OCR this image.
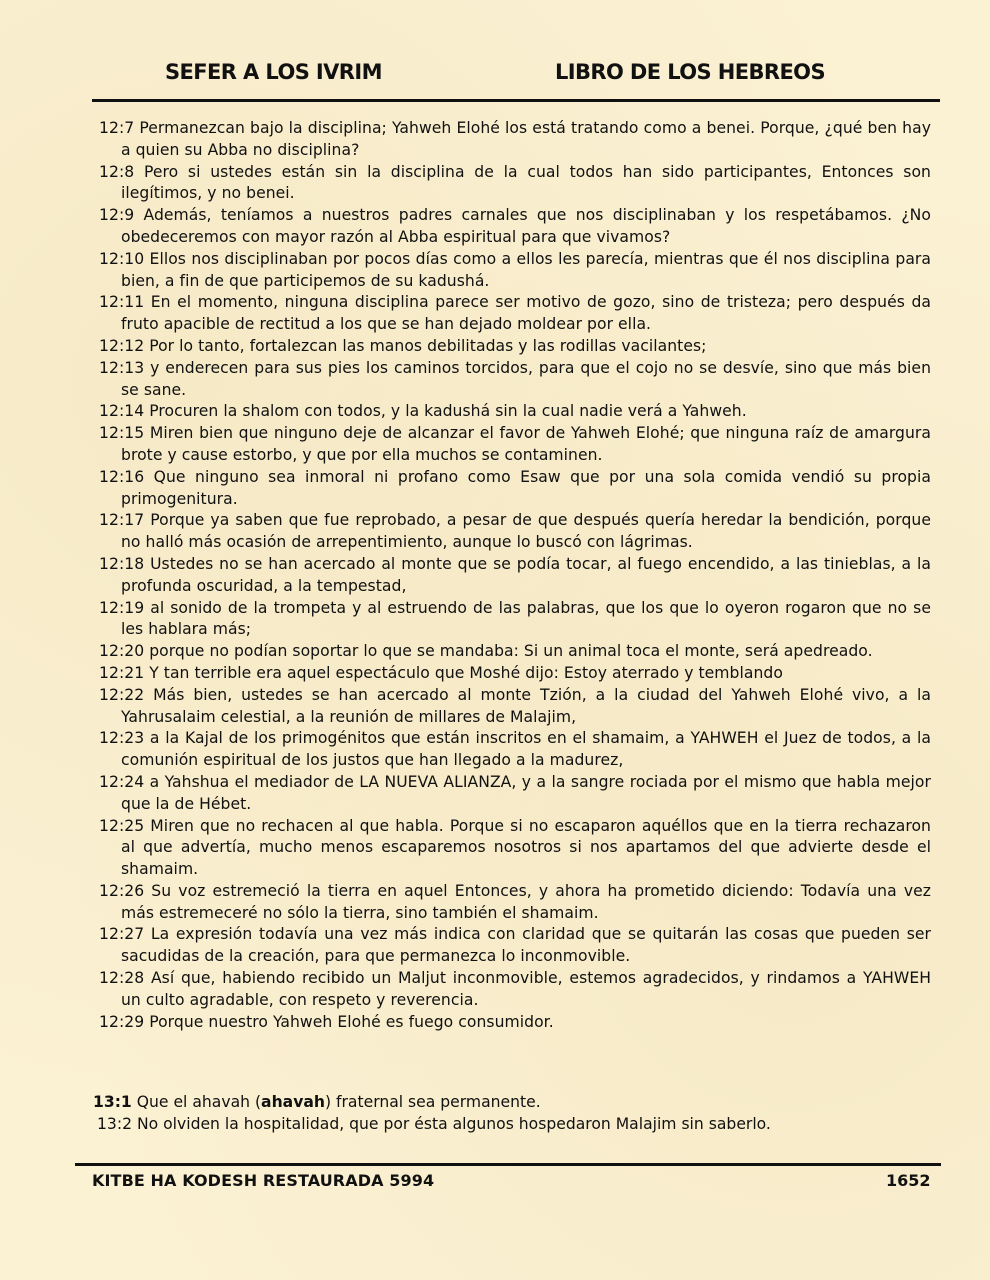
SEFER A LOS IVRIM	LIBRO DE LOS HEBREOS
12:7 Permanezcan bajo la disciplina; Yahweh Elohé los está tratando como a benei. Porque, ¿qué ben hay a quien su Abba no disciplina?
12:8 Pero si ustedes están sin la disciplina de la cual todos han sido participantes, Entonces son ilegítimos, y no benei.
12:9 Además, teníamos a nuestros padres carnales que nos disciplinaban y los respetábamos. ¿No obedeceremos con mayor razón al Abba espiritual para que vivamos?
12:10 Ellos nos disciplinaban por pocos días como a ellos les parecía, mientras que él nos disciplina para bien, a fin de que participemos de su kadushá.
12:11 En el momento, ninguna disciplina parece ser motivo de gozo, sino de tristeza; pero después da fruto apacible de rectitud a los que se han dejado moldear por ella.
12:12 Por lo tanto, fortalezcan las manos debilitadas y las rodillas vacilantes;
12:13 y enderecen para sus pies los caminos torcidos, para que el cojo no se desvíe, sino que más bien se sane.
12:14 Procuren la shalom con todos, y la kadushá sin la cual nadie verá a Yahweh.
12:15 Miren bien que ninguno deje de alcanzar el favor de Yahweh Elohé; que ninguna raíz de amargura brote y cause estorbo, y que por ella muchos se contaminen.
12:16 Que ninguno sea inmoral ni profano como Esaw que por una sola comida vendió su propia primogenitura.
12:17 Porque ya saben que fue reprobado, a pesar de que después quería heredar la bendición, porque no halló más ocasión de arrepentimiento, aunque lo buscó con lágrimas.
12:18 Ustedes no se han acercado al monte que se podía tocar, al fuego encendido, a las tinieblas, a la profunda oscuridad, a la tempestad,
12:19 al sonido de la trompeta y al estruendo de las palabras, que los que lo oyeron rogaron que no se les hablara más;
12:20 porque no podían soportar lo que se mandaba: Si un animal toca el monte, será apedreado.
12:21 Y tan terrible era aquel espectáculo que Moshé dijo: Estoy aterrado y temblando
12:22 Más bien, ustedes se han acercado al monte Tzión, a la ciudad del Yahweh Elohé vivo, a la Yahrusalaim celestial, a la reunión de millares de Malajim,
12:23 a la Kajal de los primogénitos que están inscritos en el shamaim, a YAHWEH el Juez de todos, a la comunión espiritual de los justos que han llegado a la madurez,
12:24 a Yahshua el mediador de LA NUEVA ALIANZA, y a la sangre rociada por el mismo que habla mejor que la de Hébet.
12:25 Miren que no rechacen al que habla. Porque si no escaparon aquéllos que en la tierra rechazaron al que advertía, mucho menos escaparemos nosotros si nos apartamos del que advierte desde el shamaim.
12:26 Su voz estremeció la tierra en aquel Entonces, y ahora ha prometido diciendo: Todavía una vez más estremeceré no sólo la tierra, sino también el shamaim.
12:27 La expresión todavía una vez más indica con claridad que se quitarán las cosas que pueden ser sacudidas de la creación, para que permanezca lo inconmovible.
12:28 Así que, habiendo recibido un Maljut inconmovible, estemos agradecidos, y rindamos a YAHWEH un culto agradable, con respeto y reverencia.
12:29 Porque nuestro Yahweh Elohé es fuego consumidor.
13:1 Que el ahavah (ahavah) fraternal sea permanente.
13:2 No olviden la hospitalidad, que por ésta algunos hospedaron Malajim sin saberlo.
KITBE HA KODESH RESTAURADA 5994	1652
